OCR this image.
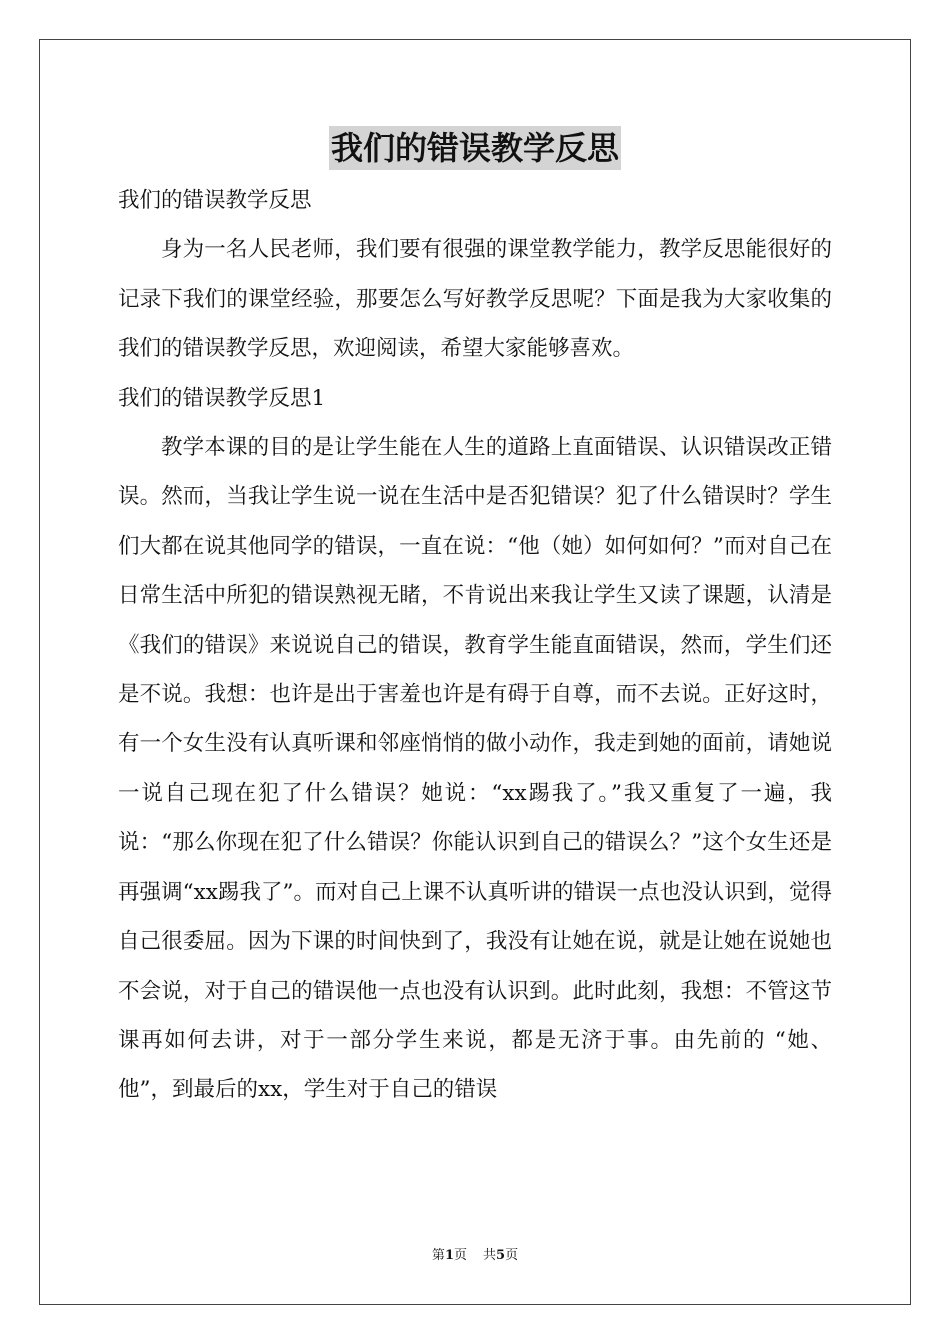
我们的错误教学反思

我们的错误教学反思

身为一名人民老师，我们要有很强的课堂教学能力，教学反思能很好的记录下我们的课堂经验，那要怎么写好教学反思呢？下面是我为大家收集的我们的错误教学反思，欢迎阅读，希望大家能够喜欢。

我们的错误教学反思1

教学本课的目的是让学生能在人生的道路上直面错误、认识错误改正错误。然而，当我让学生说一说在生活中是否犯错误？犯了什么错误时？学生们大都在说其他同学的错误，一直在说：“他（她）如何如何？”而对自己在日常生活中所犯的错误熟视无睹，不肯说出来我让学生又读了课题，认清是《我们的错误》来说说自己的错误，教育学生能直面错误，然而，学生们还是不说。我想：也许是出于害羞也许是有碍于自尊，而不去说。正好这时，有一个女生没有认真听课和邻座悄悄的做小动作，我走到她的面前，请她说一说自己现在犯了什么错误？她说：“xx踢我了。”我又重复了一遍，我说：“那么你现在犯了什么错误？你能认识到自己的错误么？”这个女生还是再强调“xx踢我了”。而对自己上课不认真听讲的错误一点也没认识到，觉得自己很委屈。因为下课的时间快到了，我没有让她在说，就是让她在说她也不会说，对于自己的错误他一点也没有认识到。此时此刻，我想：不管这节课再如何去讲，对于一部分学生来说，都是无济于事。由先前的 “她、他”，到最后的xx，学生对于自己的错误

第1页 共5页
